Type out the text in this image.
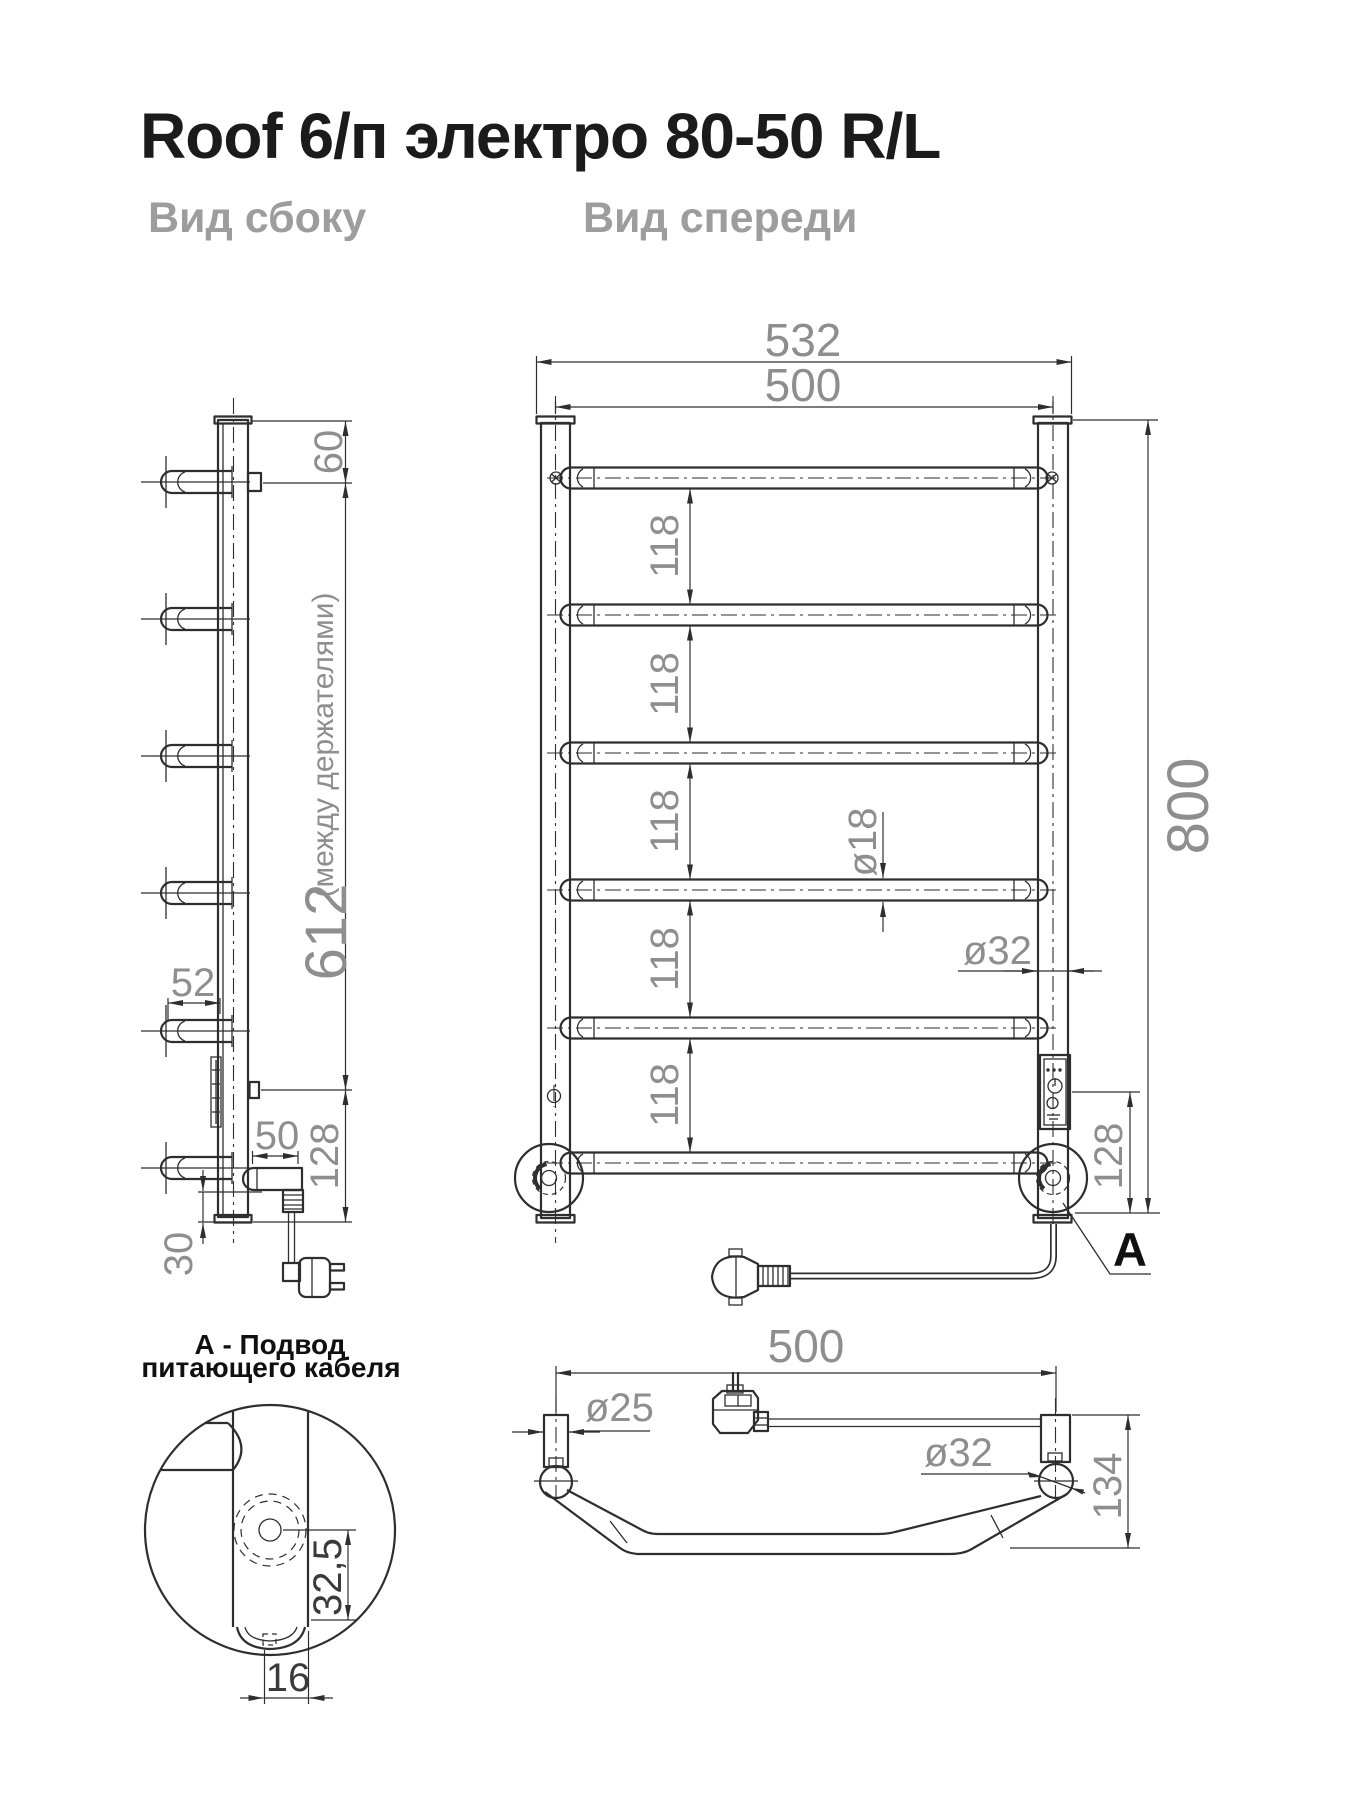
Roof 6/п электро 80-50 R/L
Вид сбоку	Вид спереди
60
612
(между держателями)
128
52
50
30
532
500
118
118
118
118
118
ø18
ø32
128
800
А
А - Подвод
питающего кабеля
32,5
16
500
ø25
ø32 134
